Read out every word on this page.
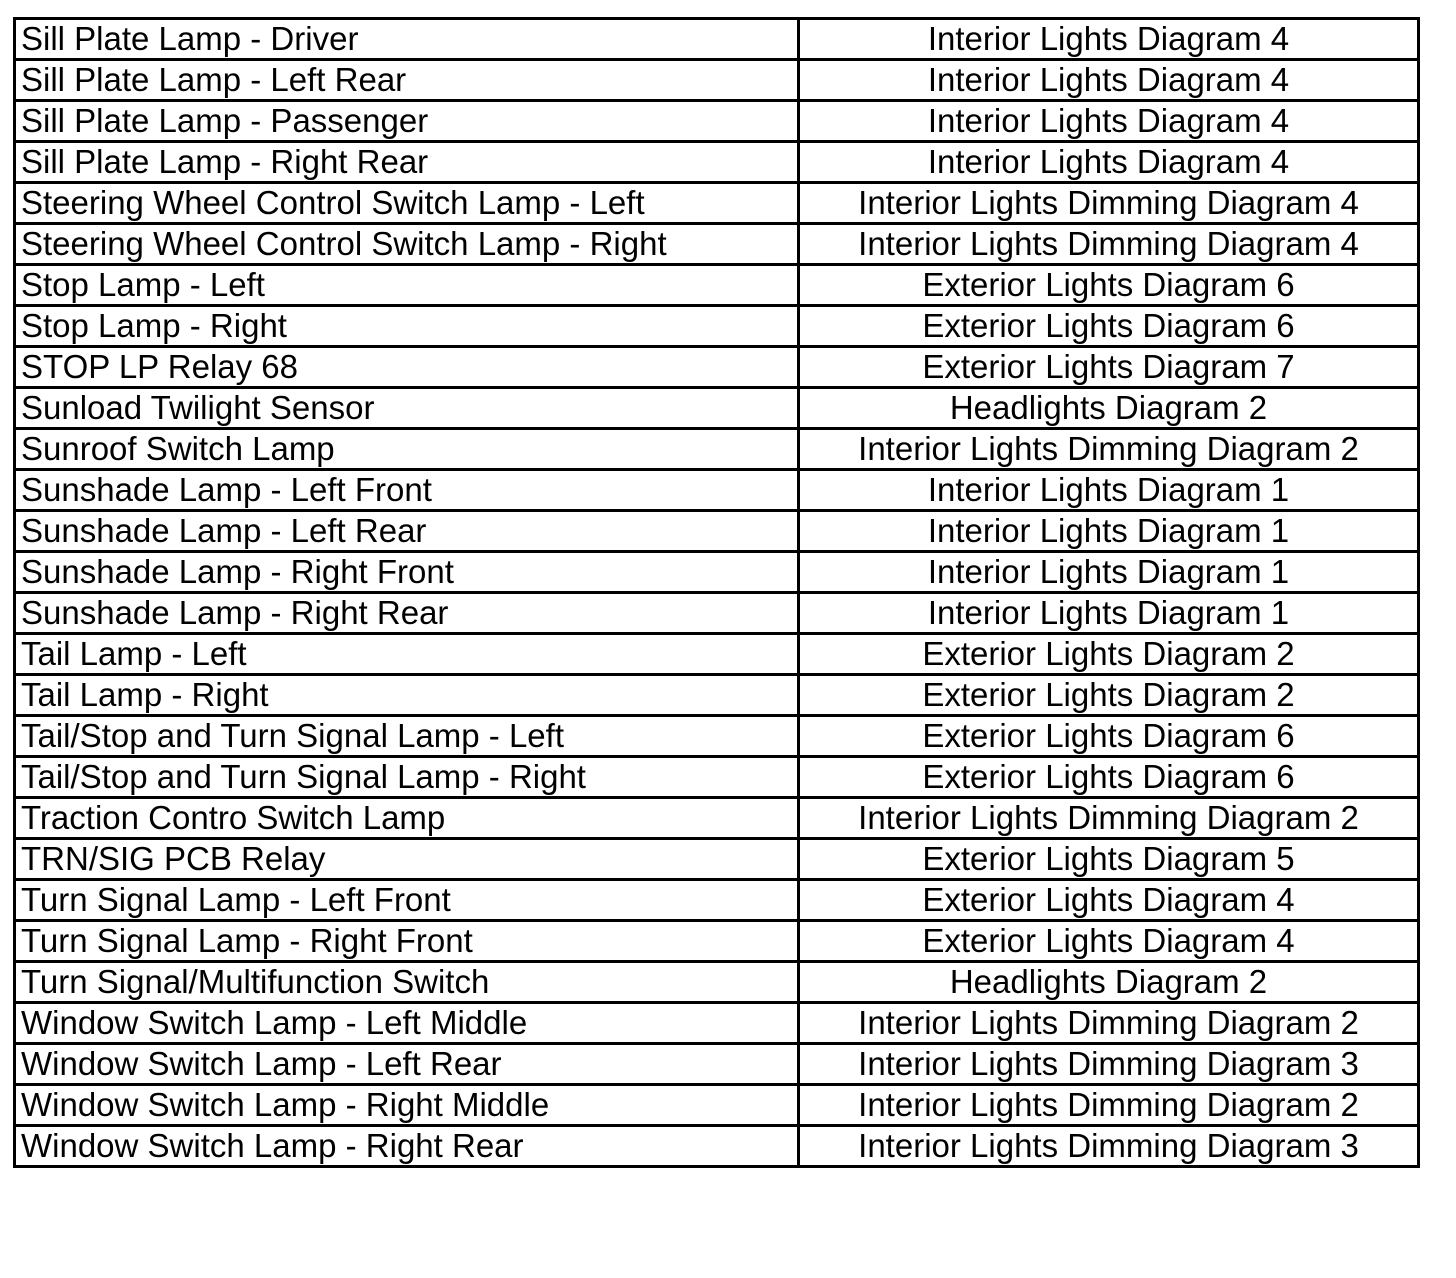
Sill Plate Lamp - Driver	Interior Lights Diagram 4
Sill Plate Lamp - Left Rear	Interior Lights Diagram 4
Sill Plate Lamp - Passenger	Interior Lights Diagram 4
Sill Plate Lamp - Right Rear	Interior Lights Diagram 4
Steering Wheel Control Switch Lamp - Left	Interior Lights Dimming Diagram 4
Steering Wheel Control Switch Lamp - Right	Interior Lights Dimming Diagram 4
Stop Lamp - Left	Exterior Lights Diagram 6
Stop Lamp - Right	Exterior Lights Diagram 6
STOP LP Relay 68	Exterior Lights Diagram 7
Sunload Twilight Sensor	Headlights Diagram 2
Sunroof Switch Lamp	Interior Lights Dimming Diagram 2
Sunshade Lamp - Left Front	Interior Lights Diagram 1
Sunshade Lamp - Left Rear	Interior Lights Diagram 1
Sunshade Lamp - Right Front	Interior Lights Diagram 1
Sunshade Lamp - Right Rear	Interior Lights Diagram 1
Tail Lamp - Left	Exterior Lights Diagram 2
Tail Lamp - Right	Exterior Lights Diagram 2
Tail/Stop and Turn Signal Lamp - Left	Exterior Lights Diagram 6
Tail/Stop and Turn Signal Lamp - Right	Exterior Lights Diagram 6
Traction Contro Switch Lamp	Interior Lights Dimming Diagram 2
TRN/SIG PCB Relay	Exterior Lights Diagram 5
Turn Signal Lamp - Left Front	Exterior Lights Diagram 4
Turn Signal Lamp - Right Front	Exterior Lights Diagram 4
Turn Signal/Multifunction Switch	Headlights Diagram 2
Window Switch Lamp - Left Middle	Interior Lights Dimming Diagram 2
Window Switch Lamp - Left Rear	Interior Lights Dimming Diagram 3
Window Switch Lamp - Right Middle	Interior Lights Dimming Diagram 2
Window Switch Lamp - Right Rear	Interior Lights Dimming Diagram 3
